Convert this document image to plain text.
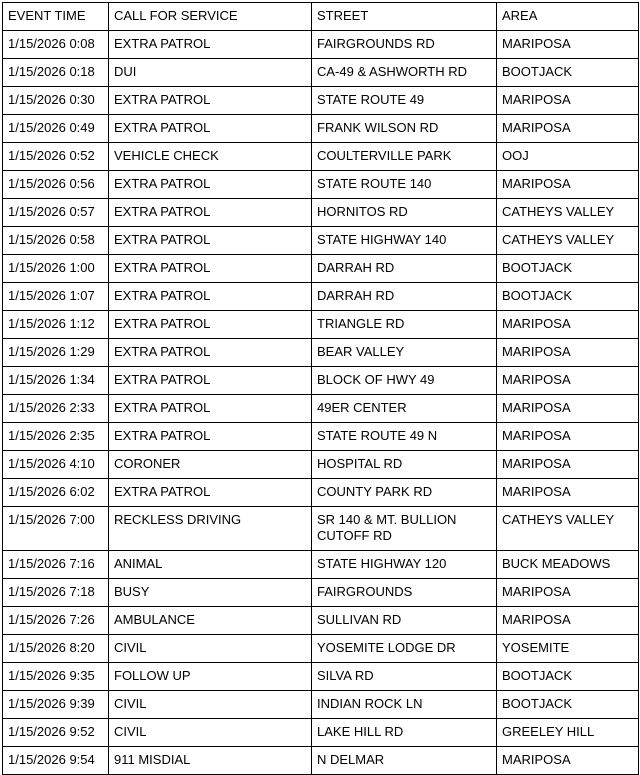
EVENT TIME	CALL FOR SERVICE	STREET	AREA
1/15/2026 0:08	EXTRA PATROL	FAIRGROUNDS RD	MARIPOSA
1/15/2026 0:18	DUI	CA-49 & ASHWORTH RD	BOOTJACK
1/15/2026 0:30	EXTRA PATROL	STATE ROUTE 49	MARIPOSA
1/15/2026 0:49	EXTRA PATROL	FRANK WILSON RD	MARIPOSA
1/15/2026 0:52	VEHICLE CHECK	COULTERVILLE PARK	OOJ
1/15/2026 0:56	EXTRA PATROL	STATE ROUTE 140	MARIPOSA
1/15/2026 0:57	EXTRA PATROL	HORNITOS RD	CATHEYS VALLEY
1/15/2026 0:58	EXTRA PATROL	STATE HIGHWAY 140	CATHEYS VALLEY
1/15/2026 1:00	EXTRA PATROL	DARRAH RD	BOOTJACK
1/15/2026 1:07	EXTRA PATROL	DARRAH RD	BOOTJACK
1/15/2026 1:12	EXTRA PATROL	TRIANGLE RD	MARIPOSA
1/15/2026 1:29	EXTRA PATROL	BEAR VALLEY	MARIPOSA
1/15/2026 1:34	EXTRA PATROL	BLOCK OF HWY 49	MARIPOSA
1/15/2026 2:33	EXTRA PATROL	49ER CENTER	MARIPOSA
1/15/2026 2:35	EXTRA PATROL	STATE ROUTE 49 N	MARIPOSA
1/15/2026 4:10	CORONER	HOSPITAL RD	MARIPOSA
1/15/2026 6:02	EXTRA PATROL	COUNTY PARK RD	MARIPOSA
1/15/2026 7:00	RECKLESS DRIVING	SR 140 & MT. BULLION CUTOFF RD	CATHEYS VALLEY
1/15/2026 7:16	ANIMAL	STATE HIGHWAY 120	BUCK MEADOWS
1/15/2026 7:18	BUSY	FAIRGROUNDS	MARIPOSA
1/15/2026 7:26	AMBULANCE	SULLIVAN RD	MARIPOSA
1/15/2026 8:20	CIVIL	YOSEMITE LODGE DR	YOSEMITE
1/15/2026 9:35	FOLLOW UP	SILVA RD	BOOTJACK
1/15/2026 9:39	CIVIL	INDIAN ROCK LN	BOOTJACK
1/15/2026 9:52	CIVIL	LAKE HILL RD	GREELEY HILL
1/15/2026 9:54	911 MISDIAL	N DELMAR	MARIPOSA
